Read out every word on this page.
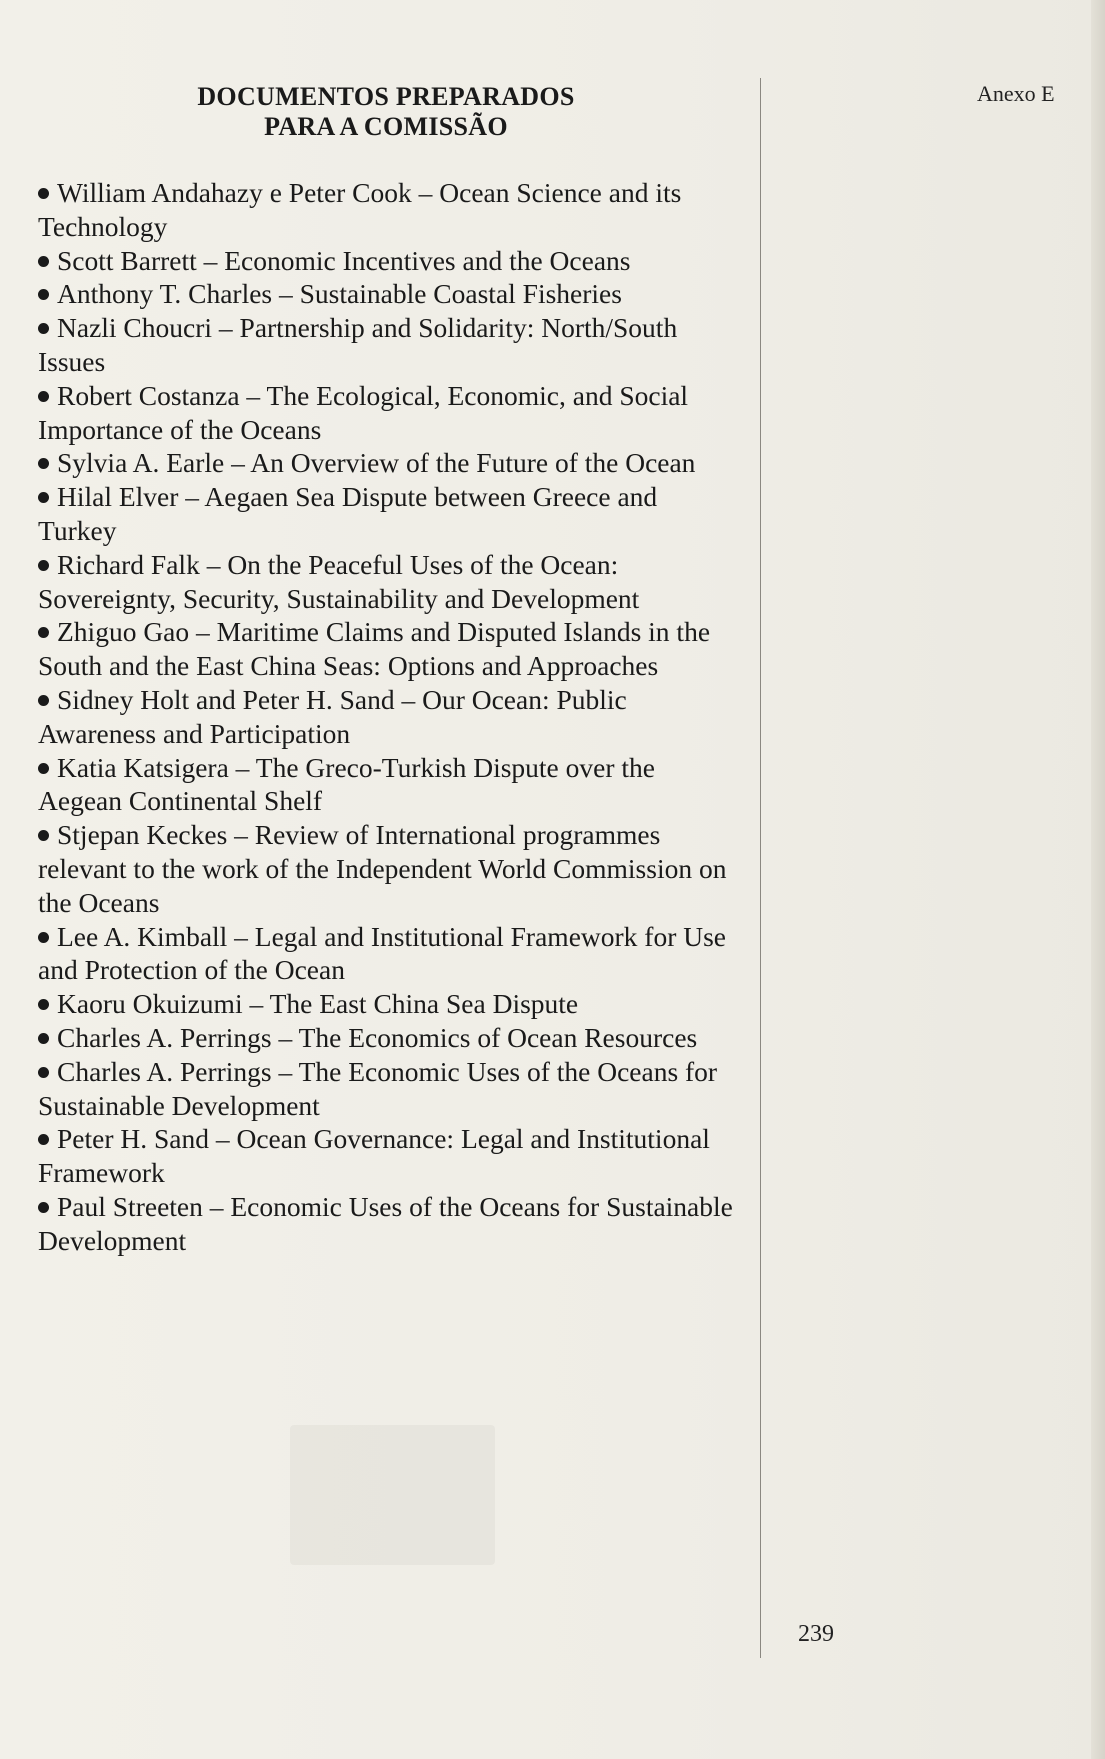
Anexo E
DOCUMENTOS PREPARADOS
PARA A COMISSÃO

William Andahazy e Peter Cook – Ocean Science and its Technology

Scott Barrett – Economic Incentives and the Oceans

Anthony T. Charles – Sustainable Coastal Fisheries

Nazli Choucri – Partnership and Solidarity: North/South Issues

Robert Costanza – The Ecological, Economic, and Social Importance of the Oceans

Sylvia A. Earle – An Overview of the Future of the Ocean

Hilal Elver – Aegaen Sea Dispute between Greece and Turkey

Richard Falk – On the Peaceful Uses of the Ocean: Sovereignty, Security, Sustainability and Development

Zhiguo Gao – Maritime Claims and Disputed Islands in the South and the East China Seas: Options and Approaches

Sidney Holt and Peter H. Sand – Our Ocean: Public Awareness and Participation

Katia Katsigera – The Greco-Turkish Dispute over the Aegean Continental Shelf

Stjepan Keckes – Review of International programmes relevant to the work of the Independent World Commission on the Oceans

Lee A. Kimball – Legal and Institutional Framework for Use and Protection of the Ocean

Kaoru Okuizumi – The East China Sea Dispute

Charles A. Perrings – The Economics of Ocean Resources

Charles A. Perrings – The Economic Uses of the Oceans for Sustainable Development

Peter H. Sand – Ocean Governance: Legal and Institutional Framework

Paul Streeten – Economic Uses of the Oceans for Sustainable Development

239
